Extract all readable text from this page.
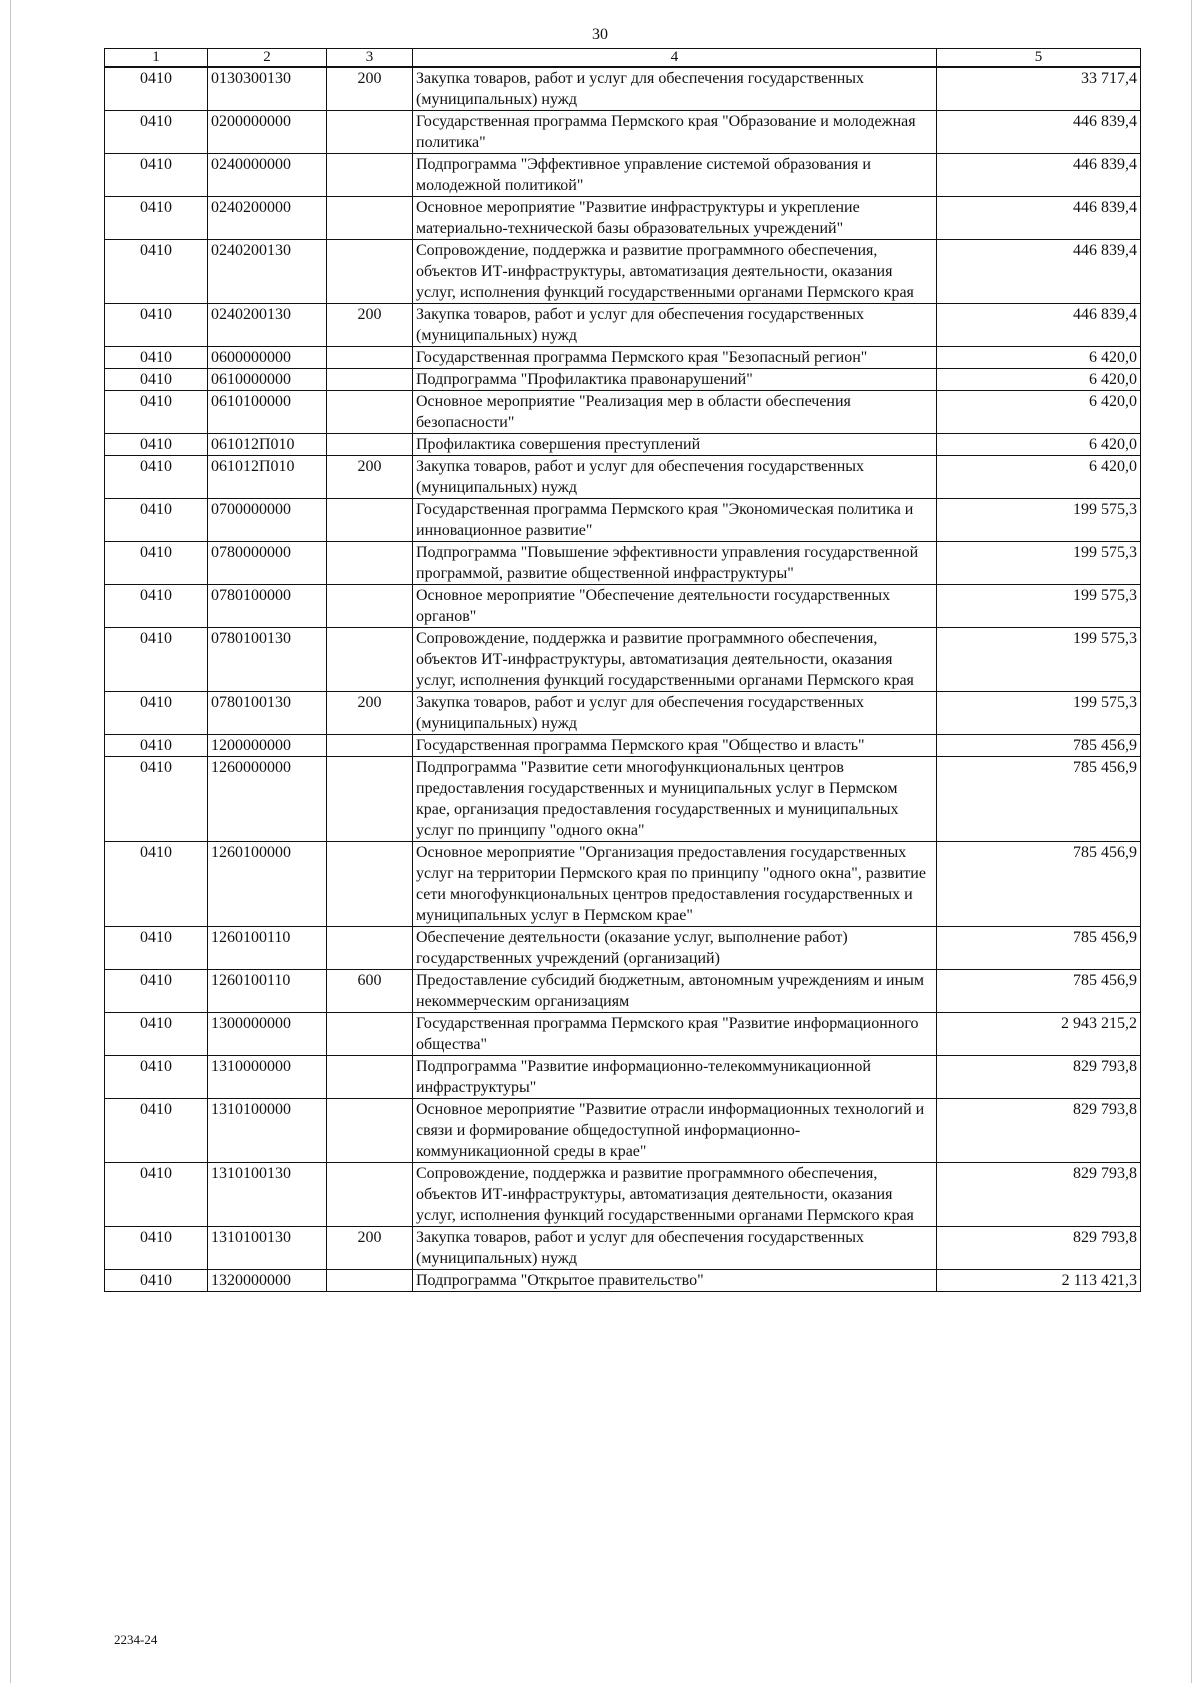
30
1	2	3	4	5
0410	0130300130	200	Закупка товаров, работ и услуг для обеспечения государственных (муниципальных) нужд	33 717,4
0410	0200000000		Государственная программа Пермского края "Образование и молодежная политика"	446 839,4
0410	0240000000		Подпрограмма "Эффективное управление системой образования и молодежной политикой"	446 839,4
0410	0240200000		Основное мероприятие "Развитие инфраструктуры и укрепление материально-технической базы образовательных учреждений"	446 839,4
0410	0240200130		Сопровождение, поддержка и развитие программного обеспечения, объектов ИТ-инфраструктуры, автоматизация деятельности, оказания услуг, исполнения функций государственными органами Пермского края	446 839,4
0410	0240200130	200	Закупка товаров, работ и услуг для обеспечения государственных (муниципальных) нужд	446 839,4
0410	0600000000		Государственная программа Пермского края "Безопасный регион"	6 420,0
0410	0610000000		Подпрограмма "Профилактика правонарушений"	6 420,0
0410	0610100000		Основное мероприятие "Реализация мер в области обеспечения безопасности"	6 420,0
0410	061012П010		Профилактика совершения преступлений	6 420,0
0410	061012П010	200	Закупка товаров, работ и услуг для обеспечения государственных (муниципальных) нужд	6 420,0
0410	0700000000		Государственная программа Пермского края "Экономическая политика и инновационное развитие"	199 575,3
0410	0780000000		Подпрограмма "Повышение эффективности управления государственной программой, развитие общественной инфраструктуры"	199 575,3
0410	0780100000		Основное мероприятие "Обеспечение деятельности государственных органов"	199 575,3
0410	0780100130		Сопровождение, поддержка и развитие программного обеспечения, объектов ИТ-инфраструктуры, автоматизация деятельности, оказания услуг, исполнения функций государственными органами Пермского края	199 575,3
0410	0780100130	200	Закупка товаров, работ и услуг для обеспечения государственных (муниципальных) нужд	199 575,3
0410	1200000000		Государственная программа Пермского края "Общество и власть"	785 456,9
0410	1260000000		Подпрограмма "Развитие сети многофункциональных центров предоставления государственных и муниципальных услуг в Пермском крае, организация предоставления государственных и муниципальных услуг по принципу "одного окна"	785 456,9
0410	1260100000		Основное мероприятие "Организация предоставления государственных услуг на территории Пермского края по принципу "одного окна", развитие сети многофункциональных центров предоставления государственных и муниципальных услуг в Пермском крае"	785 456,9
0410	1260100110		Обеспечение деятельности (оказание услуг, выполнение работ) государственных учреждений (организаций)	785 456,9
0410	1260100110	600	Предоставление субсидий бюджетным, автономным учреждениям и иным некоммерческим организациям	785 456,9
0410	1300000000		Государственная программа Пермского края "Развитие информационного общества"	2 943 215,2
0410	1310000000		Подпрограмма "Развитие информационно-телекоммуникационной инфраструктуры"	829 793,8
0410	1310100000		Основное мероприятие "Развитие отрасли информационных технологий и связи и формирование общедоступной информационно-коммуникационной среды в крае"	829 793,8
0410	1310100130		Сопровождение, поддержка и развитие программного обеспечения, объектов ИТ-инфраструктуры, автоматизация деятельности, оказания услуг, исполнения функций государственными органами Пермского края	829 793,8
0410	1310100130	200	Закупка товаров, работ и услуг для обеспечения государственных (муниципальных) нужд	829 793,8
0410	1320000000		Подпрограмма "Открытое правительство"	2 113 421,3
2234-24
